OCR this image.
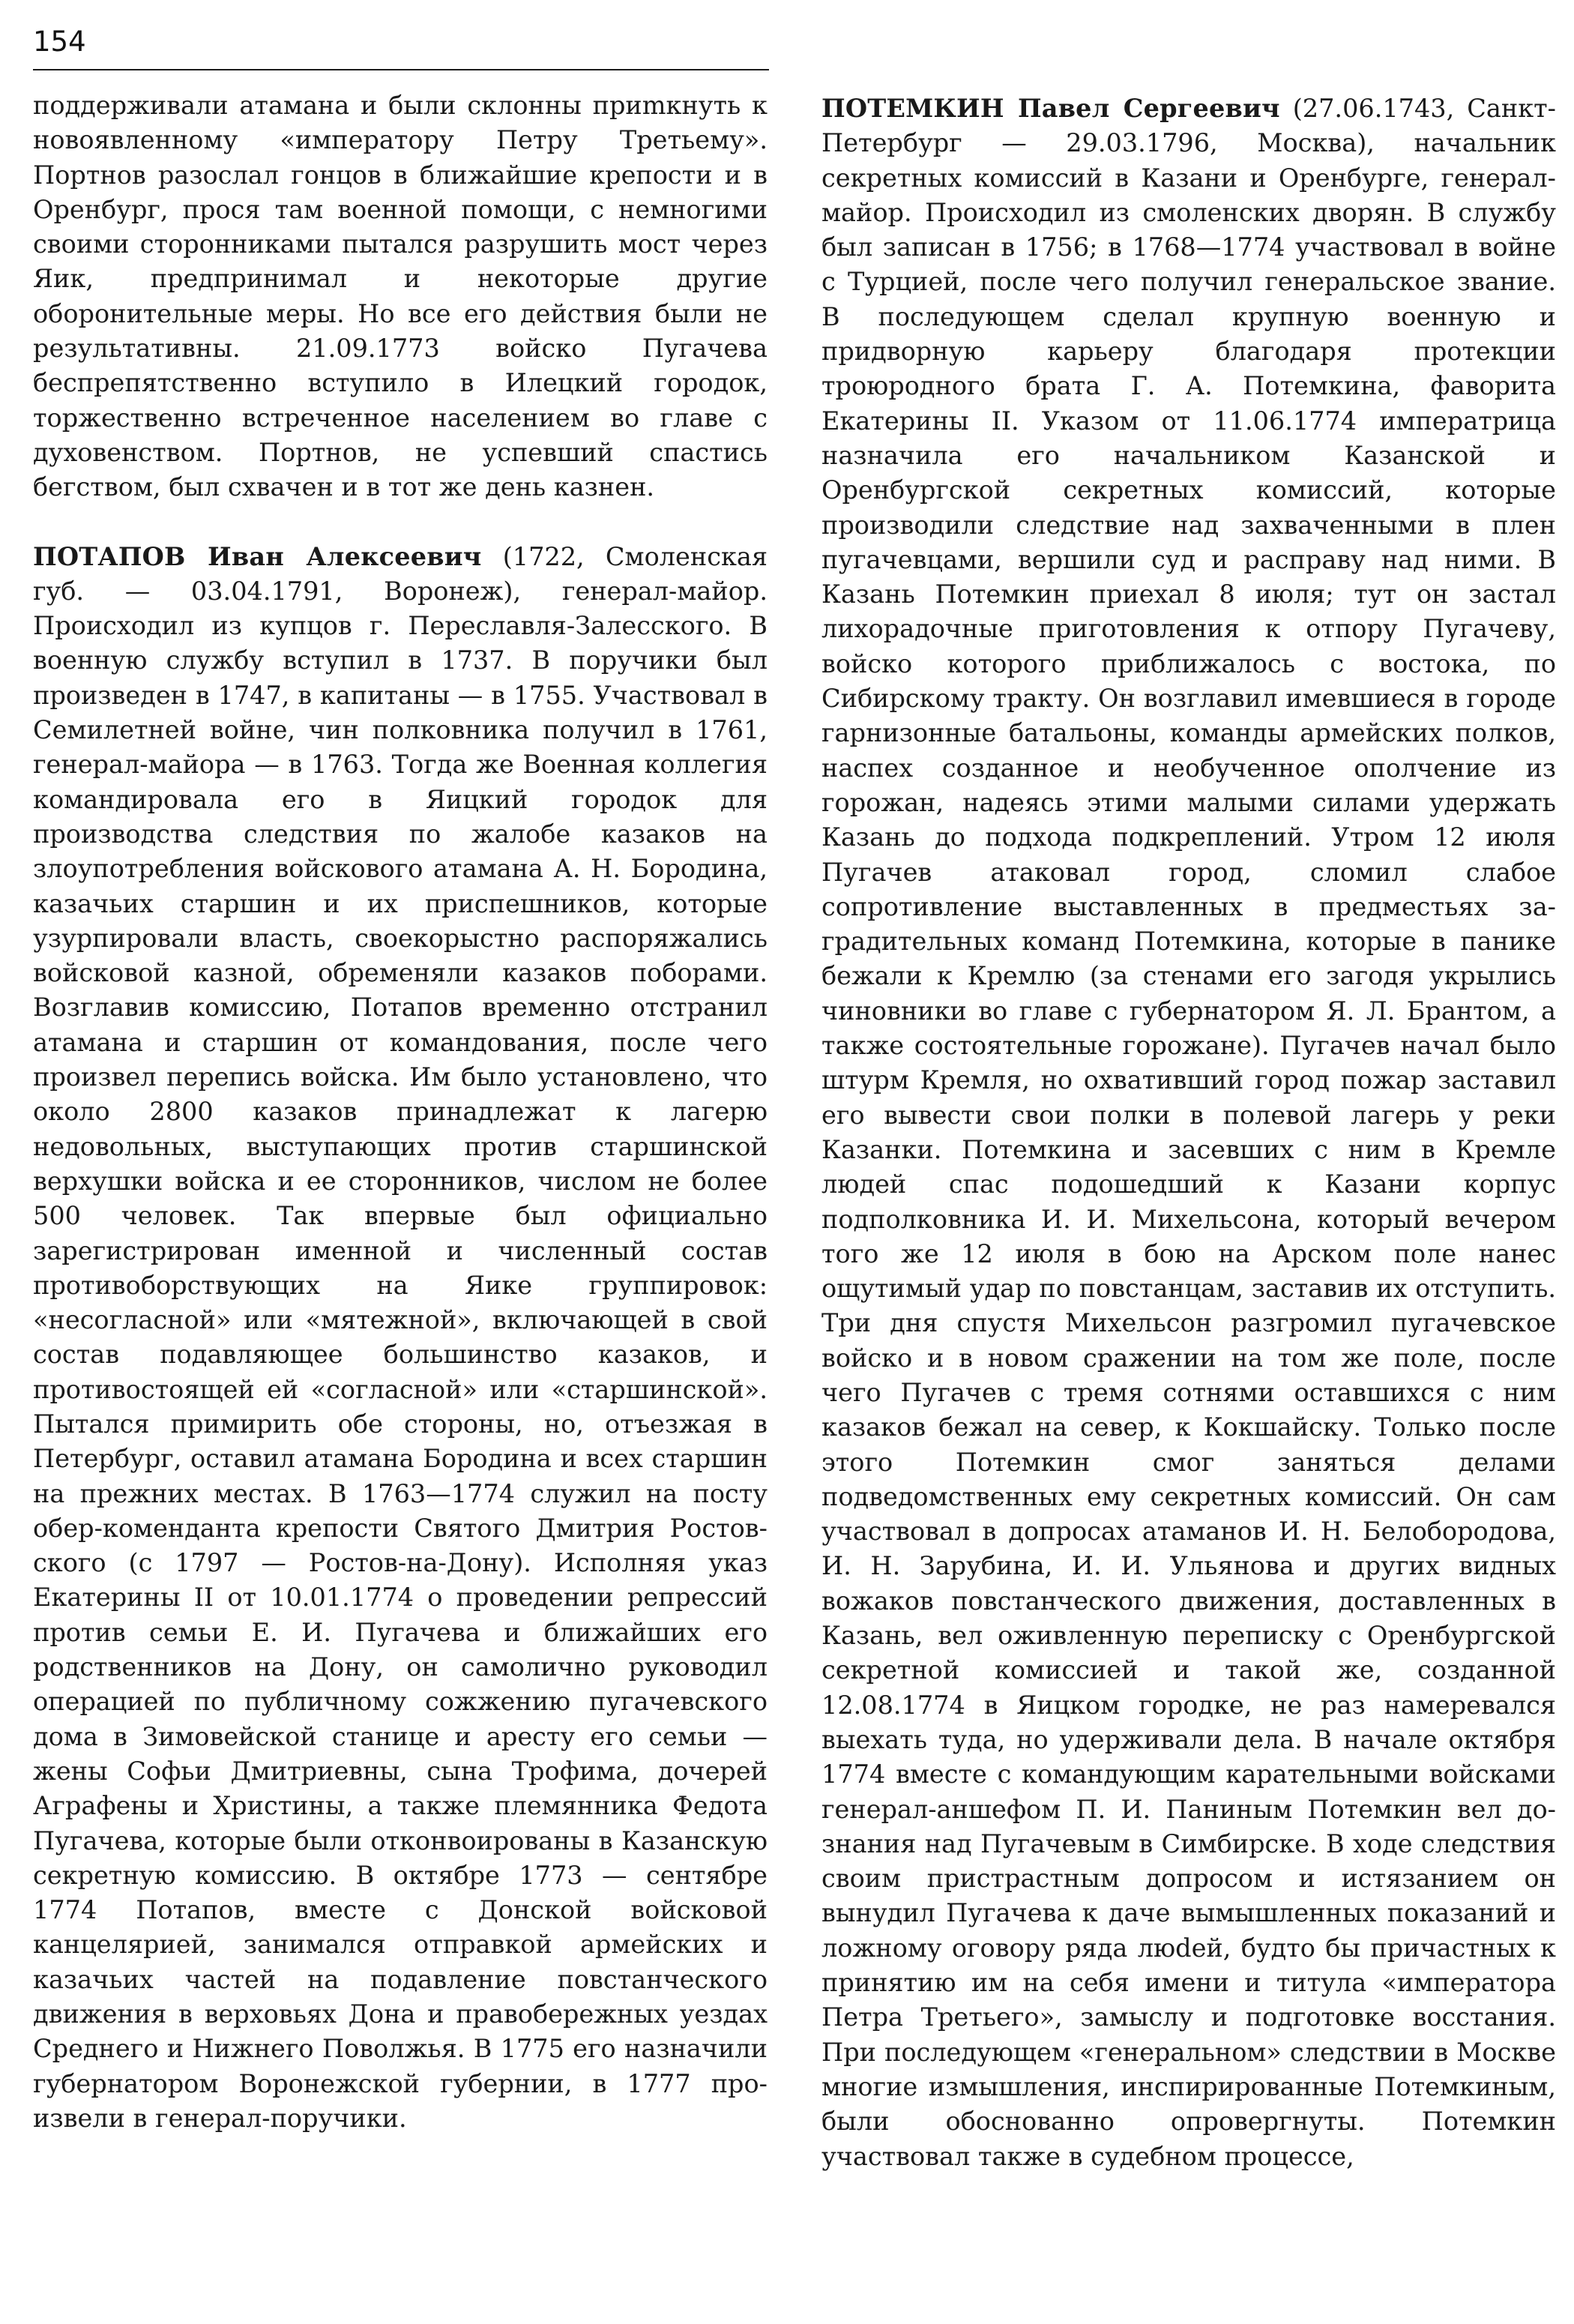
154

поддерживали атамана и были склонны приmкнуть к новоявленному «императору Петру Третьему». Портнов разослал гонцов в ближайшие крепости и в Оренбург, прося там военной помощи, с немногими своими сторонниками пытался разрушить мост через Яик, предпринимал и некоторые другие оборонительные меры. Но все его действия были не результативны. 21.09.1773 войско Пугачева беспрепятственно вступило в Илецкий городок, торжественно встреченное населением во главе с духовенством. Портнов, не успевший спастись бегством, был схвачен и в тот же день казнен.

ПОТАПОВ Иван Алексеевич (1722, Смоленская губ. — 03.04.1791, Воронеж), генерал-майор. Происходил из купцов г. Переславля-Залесского. В военную службу вступил в 1737. В поручики был произведен в 1747, в капитаны — в 1755. Участвовал в Семилетней войне, чин полковника получил в 1761, генерал-майора — в 1763. Тогда же Военная коллегия командировала его в Яицкий городок для производства следствия по жалобе казаков на злоупотребления войскового атамана А. Н. Бородина, казачьих старшин и их приспешников, которые узурпировали власть, своекорыстно распоряжались войсковой казной, обременяли казаков поборами. Возглавив комиссию, Потапов временно отстранил атамана и старшин от командования, после чего произвел перепись войска. Им было установлено, что около 2800 казаков принадлежат к лагерю недовольных, выступающих против старшинской верхушки войска и ее сторонников, числом не более 500 человек. Так впервые был официально зарегистрирован именной и численный состав противоборствующих на Яике группировок: «несогласной» или «мятежной», включающей в свой состав подавляющее большинство казаков, и противостоящей ей «согласной» или «старшинской». Пытался примирить обе стороны, но, отъезжая в Петербург, оставил атамана Бородина и всех старшин на прежних местах. В 1763—1774 служил на посту обер-коменданта крепости Святого Дмитрия Ростовского (с 1797 — Ростов-на-Дону). Исполняя указ Екатерины II от 10.01.1774 о проведении репрессий против семьи Е. И. Пугачева и ближайших его родственников на Дону, он самолично руководил операцией по публичному сожжению пугачевского дома в Зимовейской станице и аресту его семьи — жены Софьи Дмитриевны, сына Трофима, дочерей Аграфены и Христины, а также племянника Федота Пугачева, которые были отконвоированы в Казанскую секретную комиссию. В октябре 1773 — сентябре 1774 Потапов, вместе с Донской войсковой канцелярией, занимался отправкой армейских и казачьих частей на подавление повстанческого движения в верховьях Дона и правобережных уездах Среднего и Нижнего Поволжья. В 1775 его назначили губернатором Воронежской губернии, в 1777 произвели в генерал-поручики.

ПОТЕМКИН Павел Сергеевич (27.06.1743, Санкт-Петербург — 29.03.1796, Москва), начальник секретных комиссий в Казани и Оренбурге, генерал-майор. Происходил из смоленских дворян. В службу был записан в 1756; в 1768—1774 участвовал в войне с Турцией, после чего получил генеральское звание. В последующем сделал крупную военную и придворную карьеру благодаря протекции троюродного брата Г. А. Потемкина, фаворита Екатерины II. Указом от 11.06.1774 императрица назначила его начальником Казанской и Оренбургской секретных комиссий, которые производили следствие над захваченными в плен пугачевцами, вершили суд и расправу над ними. В Казань Потемкин приехал 8 июля; тут он застал лихорадочные приготовления к отпору Пугачеву, войско которого приближалось с востока, по Сибирскому тракту. Он возглавил имевшиеся в городе гарнизонные батальоны, команды армейских полков, наспех созданное и необученное ополчение из горожан, надеясь этими малыми силами удержать Казань до подхода подкреплений. Утром 12 июля Пугачев атаковал город, сломил слабое сопротивление выставленных в предместьях заградительных команд Потемкина, которые в панике бежали к Кремлю (за стенами его загодя укрылись чиновники во главе с губернатором Я. Л. Брантом, а также состоятельные горожане). Пугачев начал было штурм Кремля, но охвативший город пожар заставил его вывести свои полки в полевой лагерь у реки Казанки. Потемкина и засевших с ним в Кремле людей спас подошедший к Казани корпус подполковника И. И. Михельсона, который вечером того же 12 июля в бою на Арском поле нанес ощутимый удар по повстанцам, заставив их отступить. Три дня спустя Михельсон разгромил пугачевское войско и в новом сражении на том же поле, после чего Пугачев с тремя сотнями оставшихся с ним казаков бежал на север, к Кокшайску. Только после этого Потемкин смог заняться делами подведомственных ему секретных комиссий. Он сам участвовал в допросах атаманов И. Н. Белобородова, И. Н. Зарубина, И. И. Ульянова и других видных вожаков повстанческого движения, доставленных в Казань, вел оживленную переписку с Оренбургской секретной комиссией и такой же, созданной 12.08.1774 в Яицком городке, не раз намеревался выехать туда, но удерживали дела. В начале октября 1774 вместе с командующим карательными войсками генерал-аншефом П. И. Паниным Потемкин вел дознания над Пугачевым в Симбирске. В ходе следствия своим пристрастным допросом и истязанием он вынудил Пугачева к даче вымышленных показаний и ложному оговору ряда люdей, будто бы причастных к принятию им на себя имени и титула «императора Петра Третьего», замыслу и подготовке восстания. При последующем «генеральном» следствии в Москве многие измышления, инспирированные Потемкиным, были обоснованно опровергнуты. Потемкин участвовал также в судебном процессе,
